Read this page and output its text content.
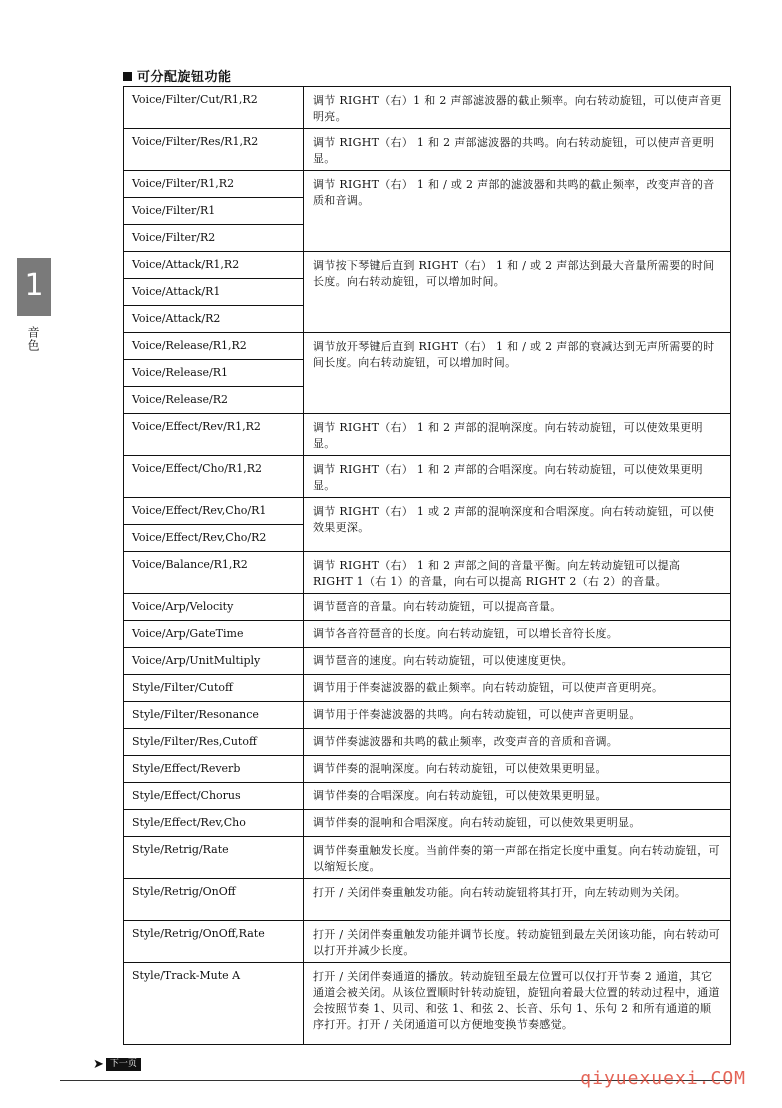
可分配旋钮功能
1
音色
Voice/Filter/Cut/R1,R2	调节 RIGHT（右）1 和 2 声部滤波器的截止频率。向右转动旋钮，可以使声音更明亮。
Voice/Filter/Res/R1,R2	调节 RIGHT（右） 1 和 2 声部滤波器的共鸣。向右转动旋钮，可以使声音更明显。
Voice/Filter/R1,R2	调节 RIGHT（右） 1 和 / 或 2 声部的滤波器和共鸣的截止频率，改变声音的音质和音调。
Voice/Filter/R1	
Voice/Filter/R2	
Voice/Attack/R1,R2	调节按下琴键后直到 RIGHT（右） 1 和 / 或 2 声部达到最大音量所需要的时间长度。向右转动旋钮，可以增加时间。
Voice/Attack/R1	
Voice/Attack/R2	
Voice/Release/R1,R2	调节放开琴键后直到 RIGHT（右） 1 和 / 或 2 声部的衰减达到无声所需要的时间长度。向右转动旋钮，可以增加时间。
Voice/Release/R1	
Voice/Release/R2	
Voice/Effect/Rev/R1,R2	调节 RIGHT（右） 1 和 2 声部的混响深度。向右转动旋钮，可以使效果更明显。
Voice/Effect/Cho/R1,R2	调节 RIGHT（右） 1 和 2 声部的合唱深度。向右转动旋钮，可以使效果更明显。
Voice/Effect/Rev,Cho/R1	调节 RIGHT（右） 1 或 2 声部的混响深度和合唱深度。向右转动旋钮，可以使效果更深。
Voice/Effect/Rev,Cho/R2	
Voice/Balance/R1,R2	调节 RIGHT（右） 1 和 2 声部之间的音量平衡。向左转动旋钮可以提高 RIGHT 1（右 1）的音量，向右可以提高 RIGHT 2（右 2）的音量。
Voice/Arp/Velocity	调节琶音的音量。向右转动旋钮，可以提高音量。
Voice/Arp/GateTime	调节各音符琶音的长度。向右转动旋钮，可以增长音符长度。
Voice/Arp/UnitMultiply	调节琶音的速度。向右转动旋钮，可以使速度更快。
Style/Filter/Cutoff	调节用于伴奏滤波器的截止频率。向右转动旋钮，可以使声音更明亮。
Style/Filter/Resonance	调节用于伴奏滤波器的共鸣。向右转动旋钮，可以使声音更明显。
Style/Filter/Res,Cutoff	调节伴奏滤波器和共鸣的截止频率，改变声音的音质和音调。
Style/Effect/Reverb	调节伴奏的混响深度。向右转动旋钮，可以使效果更明显。
Style/Effect/Chorus	调节伴奏的合唱深度。向右转动旋钮，可以使效果更明显。
Style/Effect/Rev,Cho	调节伴奏的混响和合唱深度。向右转动旋钮，可以使效果更明显。
Style/Retrig/Rate	调节伴奏重触发长度。当前伴奏的第一声部在指定长度中重复。向右转动旋钮，可以缩短长度。
Style/Retrig/OnOff	打开 / 关闭伴奏重触发功能。向右转动旋钮将其打开，向左转动则为关闭。
Style/Retrig/OnOff,Rate	打开 / 关闭伴奏重触发功能并调节长度。转动旋钮到最左关闭该功能，向右转动可以打开并减少长度。
Style/Track-Mute A	打开 / 关闭伴奏通道的播放。转动旋钮至最左位置可以仅打开节奏 2 通道，其它通道会被关闭。从该位置顺时针转动旋钮，旋钮向着最大位置的转动过程中，通道会按照节奏 1、贝司、和弦 1、和弦 2、长音、乐句 1、乐句 2 和所有通道的顺序打开。打开 / 关闭通道可以方便地变换节奏感觉。
➤ 下一页
qiyuexuexi.COM
